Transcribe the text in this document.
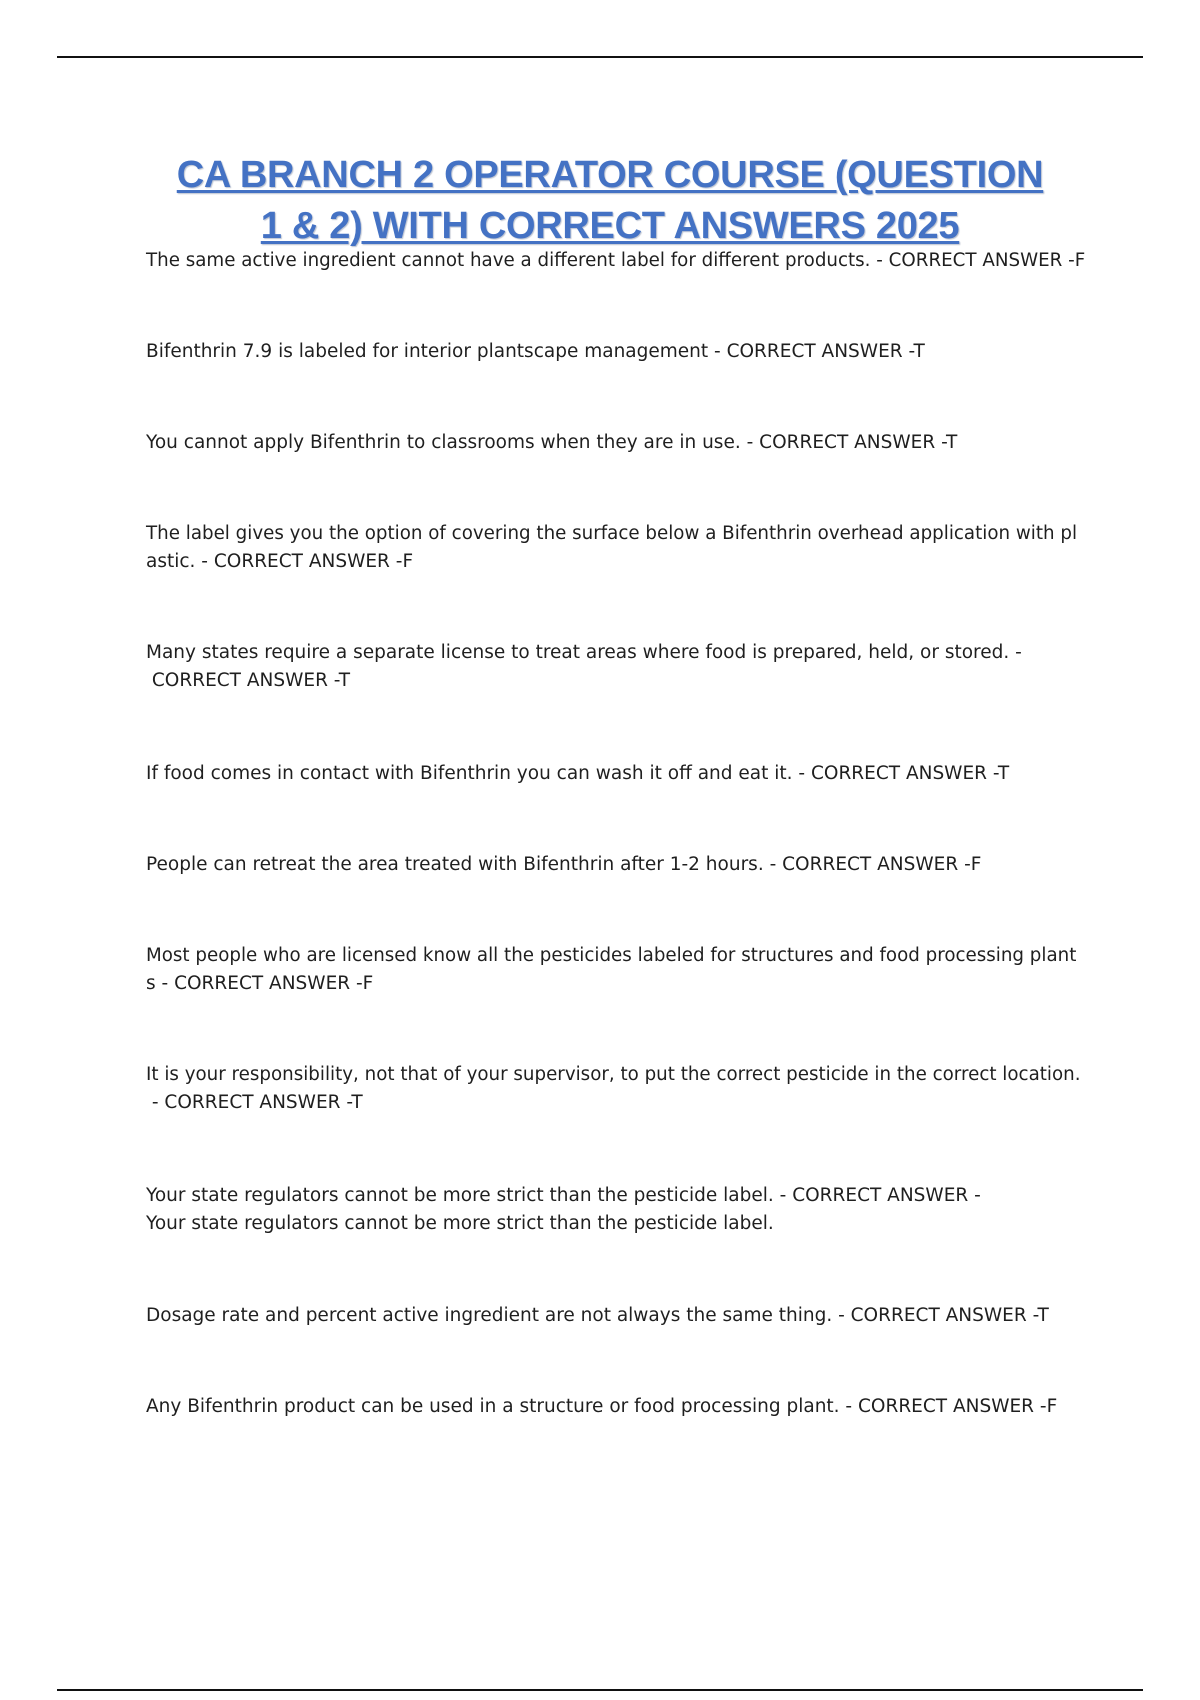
CA BRANCH 2 OPERATOR COURSE (QUESTION
1 & 2) WITH CORRECT ANSWERS 2025
The same active ingredient cannot have a different label for different products. - CORRECT ANSWER -F
Bifenthrin 7.9 is labeled for interior plantscape management - CORRECT ANSWER -T
You cannot apply Bifenthrin to classrooms when they are in use. - CORRECT ANSWER -T
The label gives you the option of covering the surface below a Bifenthrin overhead application with pl
astic. - CORRECT ANSWER -F
Many states require a separate license to treat areas where food is prepared, held, or stored. -
CORRECT ANSWER -T
If food comes in contact with Bifenthrin you can wash it off and eat it. - CORRECT ANSWER -T
People can retreat the area treated with Bifenthrin after 1-2 hours. - CORRECT ANSWER -F
Most people who are licensed know all the pesticides labeled for structures and food processing plant
s - CORRECT ANSWER -F
It is your responsibility, not that of your supervisor, to put the correct pesticide in the correct location.
- CORRECT ANSWER -T
Your state regulators cannot be more strict than the pesticide label. - CORRECT ANSWER -
Your state regulators cannot be more strict than the pesticide label.
Dosage rate and percent active ingredient are not always the same thing. - CORRECT ANSWER -T
Any Bifenthrin product can be used in a structure or food processing plant. - CORRECT ANSWER -F
